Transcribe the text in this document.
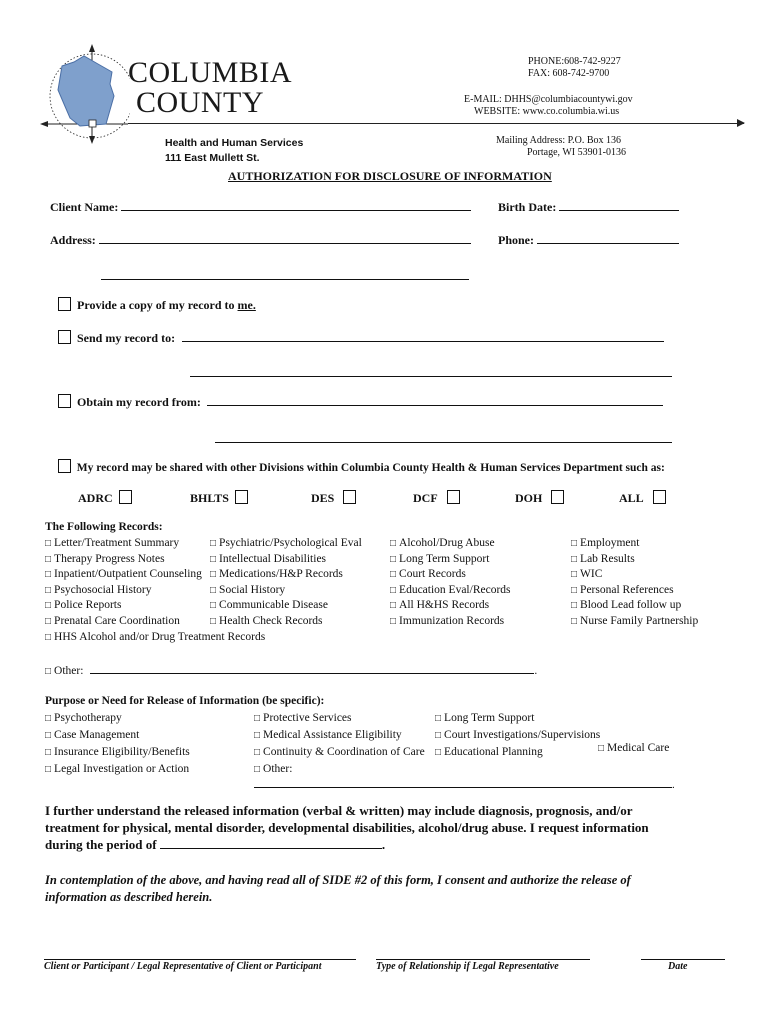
COLUMBIA
COUNTY
PHONE:608-742-9227
FAX: 608-742-9700
E-MAIL: DHHS@columbiacountywi.gov
WEBSITE: www.co.columbia.wi.us
Health and Human Services
111 East Mullett St.
Mailing Address: P.O. Box 136
Portage, WI 53901-0136
AUTHORIZATION FOR DISCLOSURE OF INFORMATION
Client Name:	Birth Date:
Address:	Phone:
Provide a copy of my record to me.
Send my record to:
Obtain my record from:
My record may be shared with other Divisions within Columbia County Health & Human Services Department such as:
ADRC	BHLTS	DES	DCF	DOH	ALL
The Following Records:
□ Letter/Treatment Summary
□ Therapy Progress Notes
□ Inpatient/Outpatient Counseling
□ Psychosocial History
□ Police Reports
□ Prenatal Care Coordination
□ HHS Alcohol and/or Drug Treatment Records
□ Psychiatric/Psychological Eval
□ Intellectual Disabilities
□ Medications/H&P Records
□ Social History
□ Communicable Disease
□ Health Check Records
□ Alcohol/Drug Abuse
□ Long Term Support
□ Court Records
□ Education Eval/Records
□ All H&HS Records
□ Immunization Records
□ Employment
□ Lab Results
□ WIC
□ Personal References
□ Blood Lead follow up
□ Nurse Family Partnership
□ Other:	.
Purpose or Need for Release of Information (be specific):
□ Psychotherapy
□ Case Management
□ Insurance Eligibility/Benefits
□ Legal Investigation or Action
□ Protective Services
□ Medical Assistance Eligibility
□ Continuity & Coordination of Care
□ Other:
□ Long Term Support
□ Court Investigations/Supervisions
□ Educational Planning	□ Medical Care
.
I further understand the released information (verbal & written) may include diagnosis, prognosis, and/or
treatment for physical, mental disorder, developmental disabilities, alcohol/drug abuse. I request information
during the period of	.
In contemplation of the above, and having read all of SIDE #2 of this form, I consent and authorize the release of
information as described herein.
Client or Participant / Legal Representative of Client or Participant	Type of Relationship if Legal Representative	Date
